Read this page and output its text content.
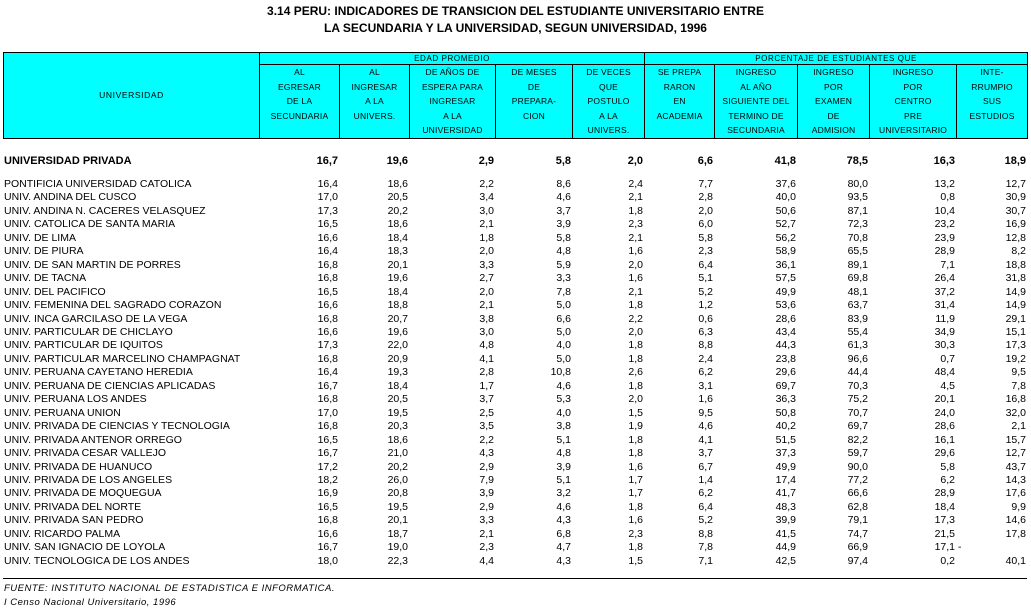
3.14 PERU: INDICADORES DE TRANSICION DEL ESTUDIANTE UNIVERSITARIO ENTRE
LA SECUNDARIA Y LA UNIVERSIDAD, SEGUN UNIVERSIDAD, 1996
UNIVERSIDAD	EDAD PROMEDIO					PORCENTAJE DE ESTUDIANTES QUE				
	AL
EGRESAR
DE LA
SECUNDARIA	AL
INGRESAR
A LA
UNIVERS.	DE AÑOS DE
ESPERA PARA
INGRESAR
A LA
UNIVERSIDAD	DE MESES
DE
PREPARA-
CION	DE VECES
QUE
POSTULO
A LA
UNIVERS.	SE PREPA
RARON
EN
ACADEMIA	INGRESO
AL AÑO
SIGUIENTE DEL
TERMINO DE
SECUNDARIA	INGRESO
POR
EXAMEN
DE
ADMISION	INGRESO
POR
CENTRO
PRE
UNIVERSITARIO	INTE-
RRUMPIO
SUS
ESTUDIOS
UNIVERSIDAD PRIVADA	16,7	19,6	2,9	5,8	2,0	6,6	41,8	78,5	16,3	18,9
PONTIFICIA UNIVERSIDAD CATOLICA	16,4	18,6	2,2	8,6	2,4	7,7	37,6	80,0	13,2	12,7
UNIV. ANDINA DEL CUSCO	17,0	20,5	3,4	4,6	2,1	2,8	40,0	93,5	0,8	30,9
UNIV. ANDINA N. CACERES VELASQUEZ	17,3	20,2	3,0	3,7	1,8	2,0	50,6	87,1	10,4	30,7
UNIV. CATOLICA DE SANTA MARIA	16,5	18,6	2,1	3,9	2,3	6,0	52,7	72,3	23,2	16,9
UNIV. DE LIMA	16,6	18,4	1,8	5,8	2,1	5,8	56,2	70,8	23,9	12,8
UNIV. DE PIURA	16,4	18,3	2,0	4,8	1,6	2,3	58,9	65,5	28,9	8,2
UNIV. DE SAN MARTIN DE PORRES	16,8	20,1	3,3	5,9	2,0	6,4	36,1	89,1	7,1	18,8
UNIV. DE TACNA	16,8	19,6	2,7	3,3	1,6	5,1	57,5	69,8	26,4	31,8
UNIV. DEL PACIFICO	16,5	18,4	2,0	7,8	2,1	5,2	49,9	48,1	37,2	14,9
UNIV. FEMENINA DEL SAGRADO CORAZON	16,6	18,8	2,1	5,0	1,8	1,2	53,6	63,7	31,4	14,9
UNIV. INCA GARCILASO DE LA VEGA	16,8	20,7	3,8	6,6	2,2	0,6	28,6	83,9	11,9	29,1
UNIV. PARTICULAR DE CHICLAYO	16,6	19,6	3,0	5,0	2,0	6,3	43,4	55,4	34,9	15,1
UNIV. PARTICULAR DE IQUITOS	17,3	22,0	4,8	4,0	1,8	8,8	44,3	61,3	30,3	17,3
UNIV. PARTICULAR MARCELINO CHAMPAGNAT	16,8	20,9	4,1	5,0	1,8	2,4	23,8	96,6	0,7	19,2
UNIV. PERUANA CAYETANO HEREDIA	16,4	19,3	2,8	10,8	2,6	6,2	29,6	44,4	48,4	9,5
UNIV. PERUANA DE CIENCIAS APLICADAS	16,7	18,4	1,7	4,6	1,8	3,1	69,7	70,3	4,5	7,8
UNIV. PERUANA LOS ANDES	16,8	20,5	3,7	5,3	2,0	1,6	36,3	75,2	20,1	16,8
UNIV. PERUANA UNION	17,0	19,5	2,5	4,0	1,5	9,5	50,8	70,7	24,0	32,0
UNIV. PRIVADA DE CIENCIAS Y TECNOLOGIA	16,8	20,3	3,5	3,8	1,9	4,6	40,2	69,7	28,6	2,1
UNIV. PRIVADA ANTENOR ORREGO	16,5	18,6	2,2	5,1	1,8	4,1	51,5	82,2	16,1	15,7
UNIV. PRIVADA CESAR VALLEJO	16,7	21,0	4,3	4,8	1,8	3,7	37,3	59,7	29,6	12,7
UNIV. PRIVADA DE HUANUCO	17,2	20,2	2,9	3,9	1,6	6,7	49,9	90,0	5,8	43,7
UNIV. PRIVADA DE LOS ANGELES	18,2	26,0	7,9	5,1	1,7	1,4	17,4	77,2	6,2	14,3
UNIV. PRIVADA DE MOQUEGUA	16,9	20,8	3,9	3,2	1,7	6,2	41,7	66,6	28,9	17,6
UNIV. PRIVADA DEL NORTE	16,5	19,5	2,9	4,6	1,8	6,4	48,3	62,8	18,4	9,9
UNIV. PRIVADA SAN PEDRO	16,8	20,1	3,3	4,3	1,6	5,2	39,9	79,1	17,3	14,6
UNIV. RICARDO PALMA	16,6	18,7	2,1	6,8	2,3	8,8	41,5	74,7	21,5	17,8
UNIV. SAN IGNACIO DE LOYOLA	16,7	19,0	2,3	4,7	1,8	7,8	44,9	66,9	17,1	-
UNIV. TECNOLOGICA DE LOS ANDES	18,0	22,3	4,4	4,3	1,5	7,1	42,5	97,4	0,2	40,1
FUENTE: INSTITUTO NACIONAL DE ESTADISTICA E INFORMATICA.
I Censo Nacional Universitario, 1996
